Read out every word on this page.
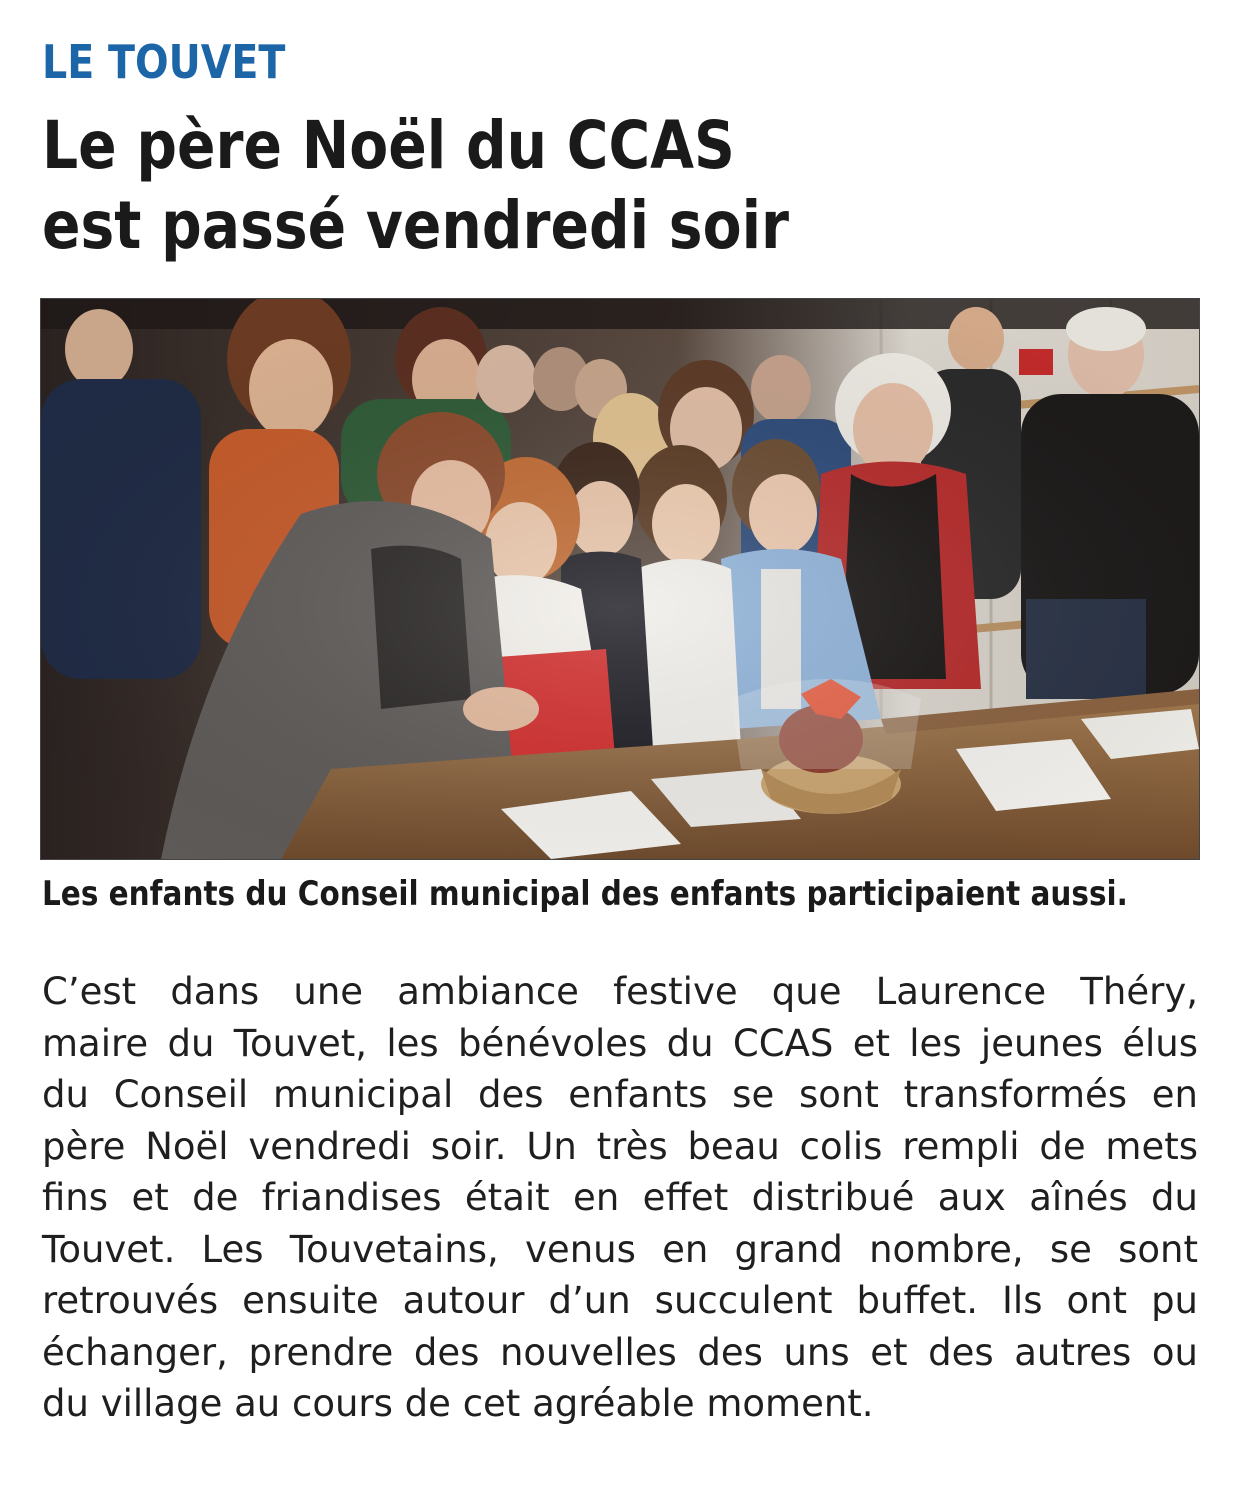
LE TOUVET
Le père Noël du CCAS
est passé vendredi soir
Les enfants du Conseil municipal des enfants participaient aussi.
C’est dans une ambiance festive que Laurence Théry,
maire du Touvet, les bénévoles du CCAS et les jeunes élus
du Conseil municipal des enfants se sont transformés en
père Noël vendredi soir. Un très beau colis rempli de mets
fins et de friandises était en effet distribué aux aînés du
Touvet. Les Touvetains, venus en grand nombre, se sont
retrouvés ensuite autour d’un succulent buffet. Ils ont pu
échanger, prendre des nouvelles des uns et des autres ou
du village au cours de cet agréable moment.
